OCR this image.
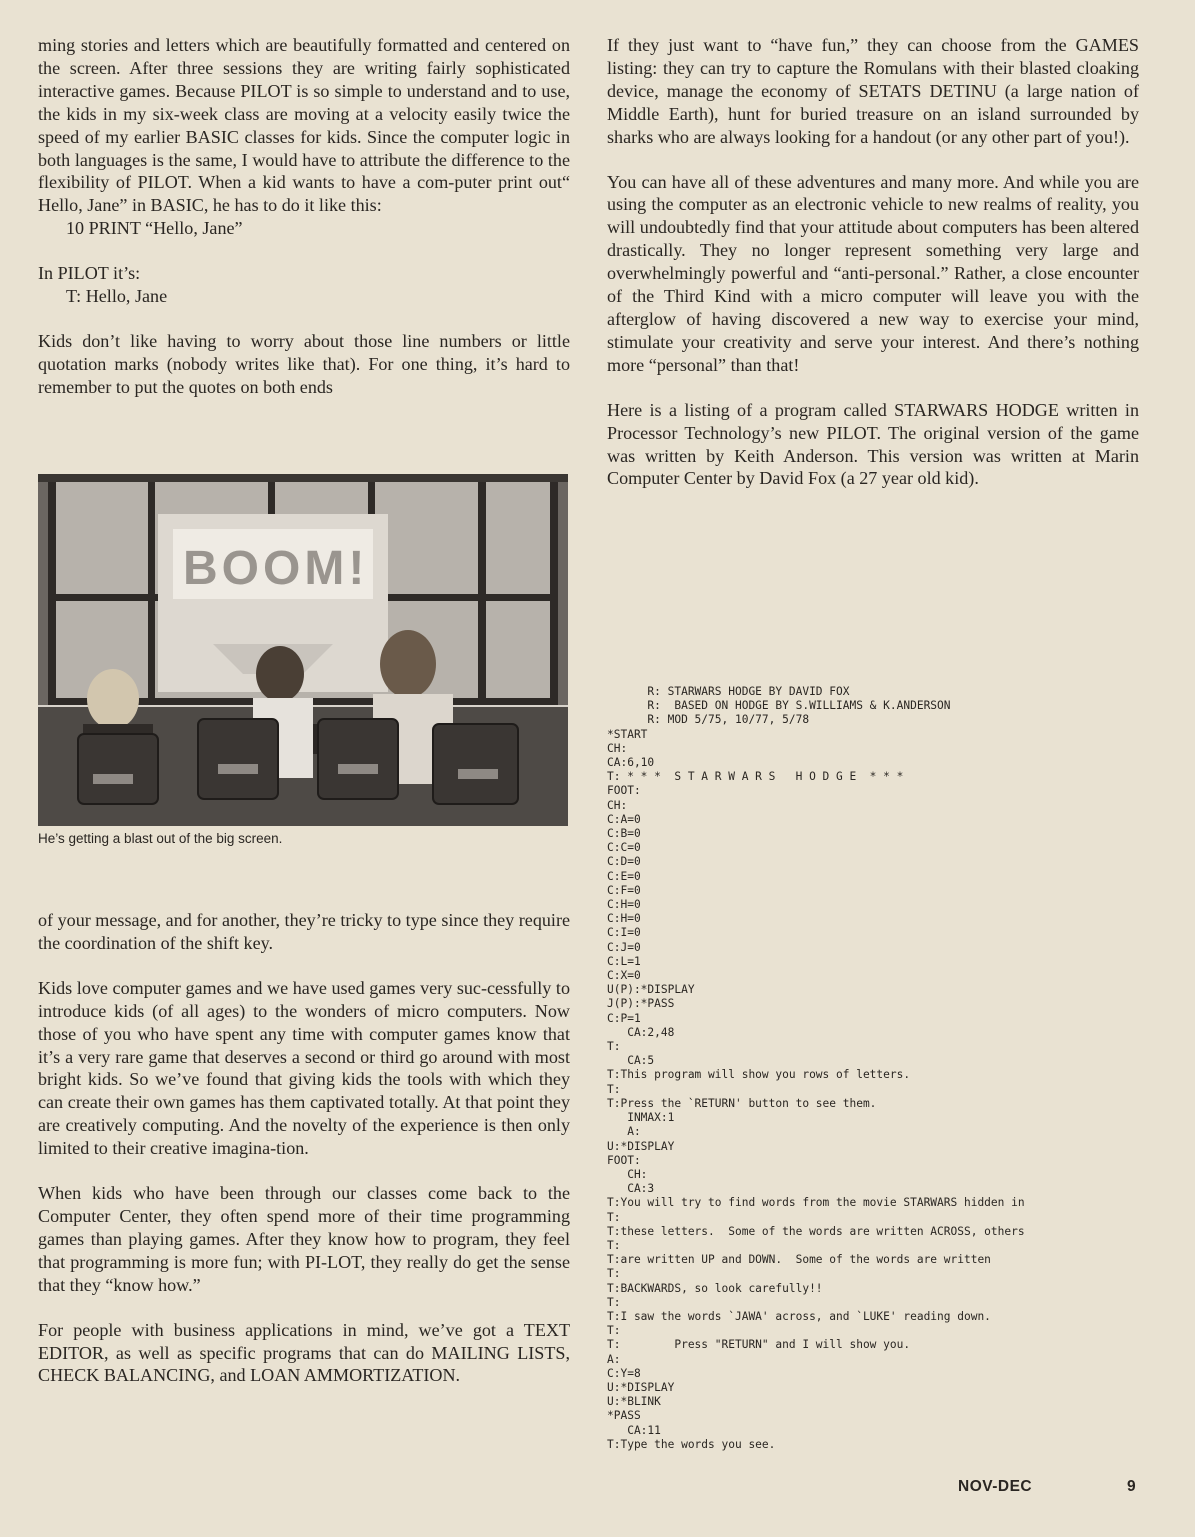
ming stories and letters which are beautifully formatted and centered on the screen. After three sessions they are writing fairly sophisticated interactive games. Because PILOT is so simple to understand and to use, the kids in my six-week class are moving at a velocity easily twice the speed of my earlier BASIC classes for kids. Since the computer logic in both languages is the same, I would have to attribute the difference to the flexibility of PILOT. When a kid wants to have a com-puter print out“ Hello, Jane” in BASIC, he has to do it like this:

10 PRINT “Hello, Jane”
In PILOT it’s:
T: Hello, Jane

Kids don’t like having to worry about those line numbers or little quotation marks (nobody writes like that). For one thing, it’s hard to remember to put the quotes on both ends

BOOM!
He’s getting a blast out of the big screen.

of your message, and for another, they’re tricky to type since they require the coordination of the shift key.

Kids love computer games and we have used games very suc-cessfully to introduce kids (of all ages) to the wonders of micro computers. Now those of you who have spent any time with computer games know that it’s a very rare game that deserves a second or third go around with most bright kids. So we’ve found that giving kids the tools with which they can create their own games has them captivated totally. At that point they are creatively computing. And the novelty of the experience is then only limited to their creative imagina-tion.

When kids who have been through our classes come back to the Computer Center, they often spend more of their time programming games than playing games. After they know how to program, they feel that programming is more fun; with PI-LOT, they really do get the sense that they “know how.”

For people with business applications in mind, we’ve got a TEXT EDITOR, as well as specific programs that can do MAILING LISTS, CHECK BALANCING, and LOAN AMMORTIZATION.

If they just want to “have fun,” they can choose from the GAMES listing: they can try to capture the Romulans with their blasted cloaking device, manage the economy of SETATS DETINU (a large nation of Middle Earth), hunt for buried treasure on an island surrounded by sharks who are always looking for a handout (or any other part of you!).

You can have all of these adventures and many more. And while you are using the computer as an electronic vehicle to new realms of reality, you will undoubtedly find that your attitude about computers has been altered drastically. They no longer represent something very large and overwhelmingly powerful and “anti-personal.” Rather, a close encounter of the Third Kind with a micro computer will leave you with the afterglow of having discovered a new way to exercise your mind, stimulate your creativity and serve your interest. And there’s nothing more “personal” than that!

Here is a listing of a program called STARWARS HODGE written in Processor Technology’s new PILOT. The original version of the game was written by Keith Anderson. This version was written at Marin Computer Center by David Fox (a 27 year old kid).

R: STARWARS HODGE BY DAVID FOX
R:  BASED ON HODGE BY S.WILLIAMS & K.ANDERSON
R: MOD 5/75, 10/77, 5/78
*START
CH:
CA:6,10
T: * * *  S T A R W A R S   H O D G E  * * *
FOOT:
CH:
C:A=0
C:B=0
C:C=0
C:D=0
C:E=0
C:F=0
C:H=0
C:H=0
C:I=0
C:J=0
C:L=1
C:X=0
U(P):*DISPLAY
J(P):*PASS
C:P=1
CA:2,48
T:
CA:5
T:This program will show you rows of letters.
T:
T:Press the `RETURN' button to see them.
INMAX:1
A:
U:*DISPLAY
FOOT:
CH:
CA:3
T:You will try to find words from the movie STARWARS hidden in
T:
T:these letters.  Some of the words are written ACROSS, others
T:
T:are written UP and DOWN.  Some of the words are written
T:
T:BACKWARDS, so look carefully!!
T:
T:I saw the words `JAWA' across, and `LUKE' reading down.
T:
T:        Press "RETURN" and I will show you.
A:
C:Y=8
U:*DISPLAY
U:*BLINK
*PASS
CA:11
T:Type the words you see.
NOV-DEC	9
